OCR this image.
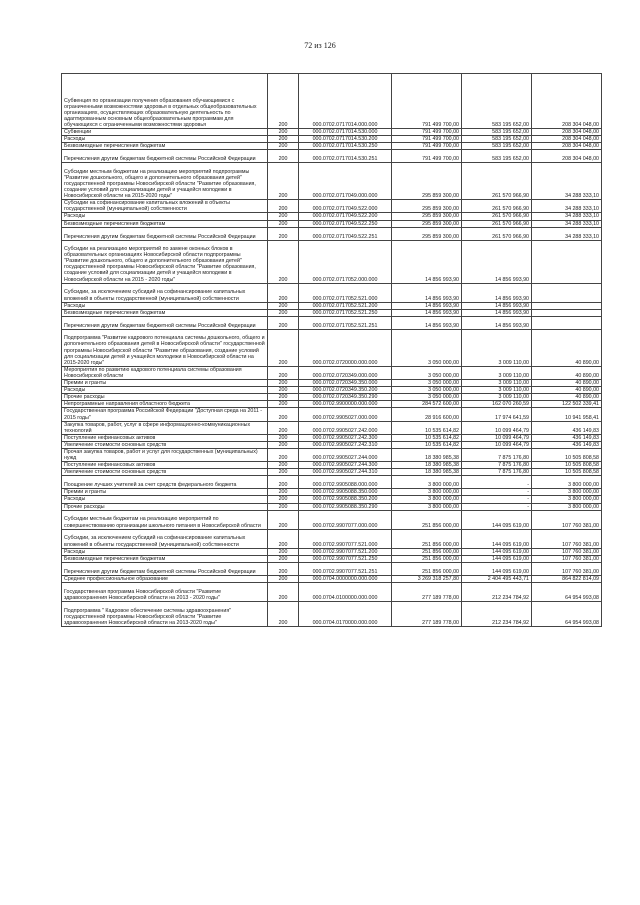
72 из 126
Субвенция по организации получения образования обучающимися с ограниченными возможностями здоровья в отдельных общеобразовательных организациях, осуществляющих образовательную деятельность по адаптированным основным общеобразовательным программам для обучающихся с ограниченными возможностями здоровья	200	000.0702.0717014.000.000	791 499 700,00	583 195 652,00	208 304 048,00
Субвенции	200	000.0702.0717014.530.000	791 499 700,00	583 195 652,00	208 304 048,00
Расходы	200	000.0702.0717014.530.200	791 499 700,00	583 195 652,00	208 304 048,00
Безвозмездные перечисления бюджетам	200	000.0702.0717014.530.250	791 499 700,00	583 195 652,00	208 304 048,00
Перечисления другим бюджетам бюджетной системы Российской Федерации	200	000.0702.0717014.530.251	791 499 700,00	583 195 652,00	208 304 048,00
Субсидии местным бюджетам на реализацию мероприятий подпрограммы "Развитие дошкольного, общего и дополнительного образования детей" государственной программы Новосибирской области "Развитие образования, создание условий для социализации детей и учащейся молодежи в Новосибирской области на 2015-2020 годы"	200	000.0702.0717049.000.000	295 859 300,00	261 570 966,90	34 288 333,10
Субсидии на софинансирование капитальных вложений в объекты государственной (муниципальной) собственности	200	000.0702.0717049.522.000	295 859 300,00	261 570 966,90	34 288 333,10
Расходы	200	000.0702.0717049.522.200	295 859 300,00	261 570 966,90	34 288 333,10
Безвозмездные перечисления бюджетам	200	000.0702.0717049.522.250	295 859 300,00	261 570 966,90	34 288 333,10
Перечисления другим бюджетам бюджетной системы Российской Федерации	200	000.0702.0717049.522.251	295 859 300,00	261 570 966,90	34 288 333,10
Субсидии на реализацию мероприятий по замене оконных блоков в образовательных организациях Новосибирской области подпрограммы "Развитие дошкольного, общего и дополнительного образования детей" государственной программы Новосибирской области "Развитие образования, создание условий для социализации детей и учащейся молодежи в Новосибирской области на 2015 - 2020 годы"	200	000.0702.0717052.000.000	14 856 993,90	14 856 993,90	
Субсидии, за исключением субсидий на софинансирование капитальных вложений в объекты государственной (муниципальной) собственности	200	000.0702.0717052.521.000	14 856 993,90	14 856 993,90	
Расходы	200	000.0702.0717052.521.200	14 856 993,90	14 856 993,90	
Безвозмездные перечисления бюджетам	200	000.0702.0717052.521.250	14 856 993,90	14 856 993,90	
Перечисления другим бюджетам бюджетной системы Российской Федерации	200	000.0702.0717052.521.251	14 856 993,90	14 856 993,90	
Подпрограмма "Развитие кадрового потенциала системы дошкольного, общего и дополнительного образования детей в Новосибирской области" государственной программы Новосибирской области "Развитие образования, создание условий для социализации детей и учащейся молодежи в Новосибирской области на 2015-2020 годы"	200	000.0702.0720000.000.000	3 050 000,00	3 009 110,00	40 890,00
Мероприятия по развитию кадрового потенциала системы образования Новосибирской области	200	000.0702.0720349.000.000	3 050 000,00	3 009 110,00	40 890,00
Премии и гранты	200	000.0702.0720349.350.000	3 050 000,00	3 009 110,00	40 890,00
Расходы	200	000.0702.0720349.350.200	3 050 000,00	3 009 110,00	40 890,00
Прочие расходы	200	000.0702.0720349.350.290	3 050 000,00	3 009 110,00	40 890,00
Непрограммные направления областного бюджета	200	000.0702.9900000.000.000	284 572 600,00	162 070 260,59	122 502 339,41
Государственная программа Российской Федерации "Доступная среда на 2011 - 2015 годы"	200	000.0702.9905027.000.000	28 916 600,00	17 974 641,59	10 941 958,41
Закупка товаров, работ, услуг в сфере информационно-коммуникационных технологий	200	000.0702.9905027.242.000	10 535 614,82	10 099 464,79	436 149,83
Поступление нефинансовых активов	200	000.0702.9905027.242.300	10 535 614,82	10 099 464,79	436 149,83
Увеличение стоимости основных средств	200	000.0702.9905027.242.310	10 535 614,82	10 099 464,79	436 149,83
Прочая закупка товаров, работ и услуг для государственных (муниципальных) нужд	200	000.0702.9905027.244.000	18 380 985,38	7 875 176,80	10 505 808,58
Поступление нефинансовых активов	200	000.0702.9905027.244.300	18 380 985,38	7 875 176,80	10 505 808,58
Увеличение стоимости основных средств	200	000.0702.9905027.244.310	18 380 985,38	7 875 176,80	10 505 808,58
Поощрение лучших учителей за счет средств федерального бюджета	200	000.0702.9905088.000.000	3 800 000,00	-	3 800 000,00
Премии и гранты	200	000.0702.9905088.350.000	3 800 000,00	-	3 800 000,00
Расходы	200	000.0702.9905088.350.200	3 800 000,00	-	3 800 000,00
Прочие расходы	200	000.0702.9905088.350.290	3 800 000,00	-	3 800 000,00
Субсидии местным бюджетам на реализацию мероприятий по совершенствованию организации школьного питания в Новосибирской области	200	000.0702.9907077.000.000	251 856 000,00	144 095 619,00	107 760 381,00
Субсидии, за исключением субсидий на софинансирование капитальных вложений в объекты государственной (муниципальной) собственности	200	000.0702.9907077.521.000	251 856 000,00	144 095 619,00	107 760 381,00
Расходы	200	000.0702.9907077.521.200	251 856 000,00	144 095 619,00	107 760 381,00
Безвозмездные перечисления бюджетам	200	000.0702.9907077.521.250	251 856 000,00	144 095 619,00	107 760 381,00
Перечисления другим бюджетам бюджетной системы Российской Федерации	200	000.0702.9907077.521.251	251 856 000,00	144 095 619,00	107 760 381,00
Среднее профессиональное образование	200	000.0704.0000000.000.000	3 269 318 257,80	2 404 495 443,71	864 822 814,09
Государственная программа Новосибирской области "Развитие здравоохранения Новосибирской области на 2013 - 2020 годы"	200	000.0704.0100000.000.000	277 189 778,00	212 234 784,92	64 954 993,08
Подпрограмма " Кадровое обеспечение системы здравоохранения" государственной программы Новосибирской области "Развитие здравоохранения Новосибирской области на 2013-2020 годы"	200	000.0704.0170000.000.000	277 189 778,00	212 234 784,92	64 954 993,08
